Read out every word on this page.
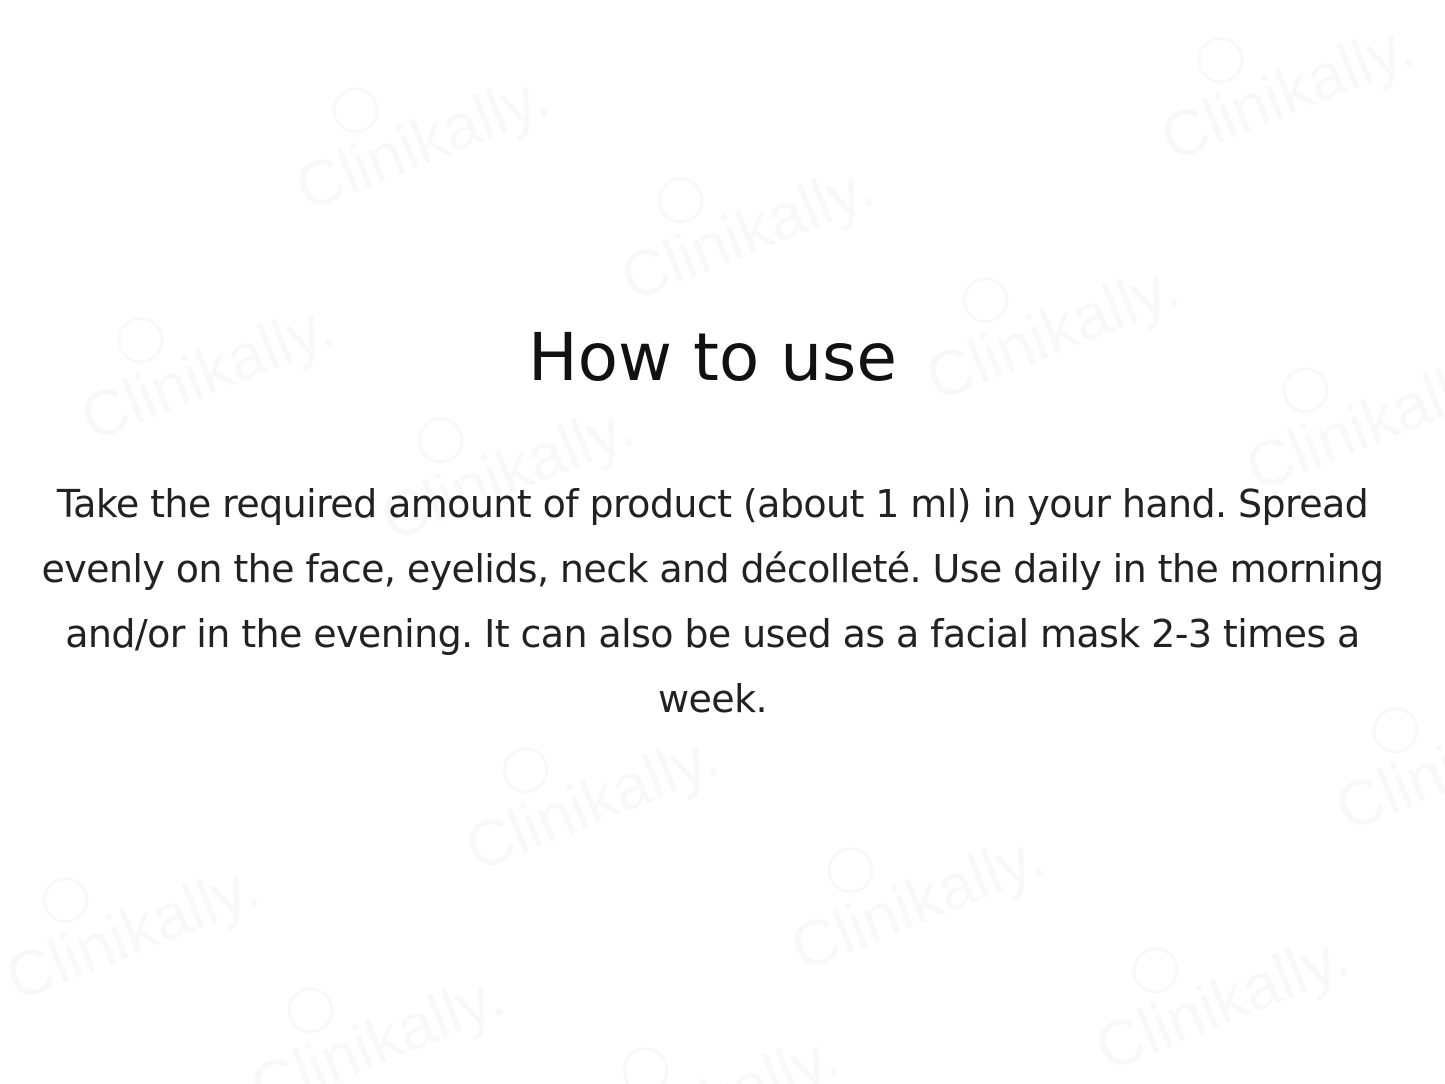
How to use

Take the required amount of product (about 1 ml) in your hand. Spread evenly on the face, eyelids, neck and décolleté. Use daily in the morning and/or in the evening. It can also be used as a facial mask 2-3 times a week.
